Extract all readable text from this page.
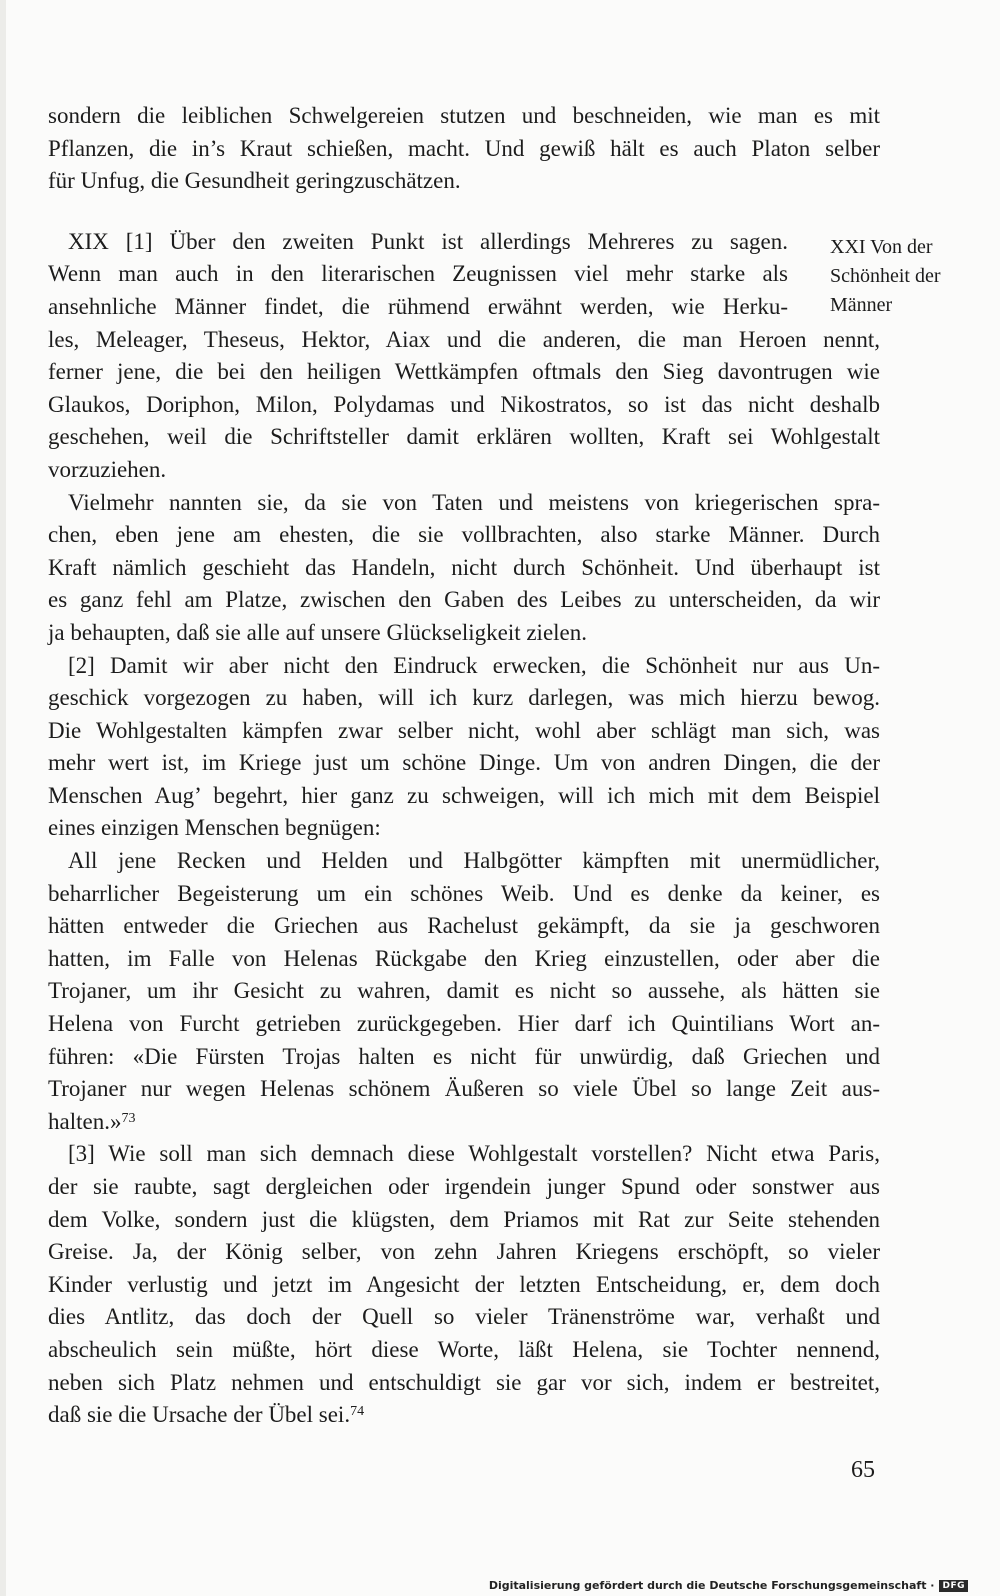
sondern die leiblichen Schwelgereien stutzen und beschneiden, wie man es mit
Pflanzen, die in’s Kraut schießen, macht. Und gewiß hält es auch Platon selber
für Unfug, die Gesundheit geringzuschätzen.
XIX [1] Über den zweiten Punkt ist allerdings Mehreres zu sagen.
Wenn man auch in den literarischen Zeugnissen viel mehr starke als
ansehnliche Männer findet, die rühmend erwähnt werden, wie Herku-
les, Meleager, Theseus, Hektor, Aiax und die anderen, die man Heroen nennt,
ferner jene, die bei den heiligen Wettkämpfen oftmals den Sieg davontrugen wie
Glaukos, Doriphon, Milon, Polydamas und Nikostratos, so ist das nicht deshalb
geschehen, weil die Schriftsteller damit erklären wollten, Kraft sei Wohlgestalt
vorzuziehen.
Vielmehr nannten sie, da sie von Taten und meistens von kriegerischen spra-
chen, eben jene am ehesten, die sie vollbrachten, also starke Männer. Durch
Kraft nämlich geschieht das Handeln, nicht durch Schönheit. Und überhaupt ist
es ganz fehl am Platze, zwischen den Gaben des Leibes zu unterscheiden, da wir
ja behaupten, daß sie alle auf unsere Glückseligkeit zielen.
[2] Damit wir aber nicht den Eindruck erwecken, die Schönheit nur aus Un-
geschick vorgezogen zu haben, will ich kurz darlegen, was mich hierzu bewog.
Die Wohlgestalten kämpfen zwar selber nicht, wohl aber schlägt man sich, was
mehr wert ist, im Kriege just um schöne Dinge. Um von andren Dingen, die der
Menschen Aug’ begehrt, hier ganz zu schweigen, will ich mich mit dem Beispiel
eines einzigen Menschen begnügen:
All jene Recken und Helden und Halbgötter kämpften mit unermüdlicher,
beharrlicher Begeisterung um ein schönes Weib. Und es denke da keiner, es
hätten entweder die Griechen aus Rachelust gekämpft, da sie ja geschworen
hatten, im Falle von Helenas Rückgabe den Krieg einzustellen, oder aber die
Trojaner, um ihr Gesicht zu wahren, damit es nicht so aussehe, als hätten sie
Helena von Furcht getrieben zurückgegeben. Hier darf ich Quintilians Wort an-
führen: «Die Fürsten Trojas halten es nicht für unwürdig, daß Griechen und
Trojaner nur wegen Helenas schönem Äußeren so viele Übel so lange Zeit aus-
halten.»$^{73}$
[3] Wie soll man sich demnach diese Wohlgestalt vorstellen? Nicht etwa Paris,
der sie raubte, sagt dergleichen oder irgendein junger Spund oder sonstwer aus
dem Volke, sondern just die klügsten, dem Priamos mit Rat zur Seite stehenden
Greise. Ja, der König selber, von zehn Jahren Kriegens erschöpft, so vieler
Kinder verlustig und jetzt im Angesicht der letzten Entscheidung, er, dem doch
dies Antlitz, das doch der Quell so vieler Tränenströme war, verhaßt und
abscheulich sein müßte, hört diese Worte, läßt Helena, sie Tochter nennend,
neben sich Platz nehmen und entschuldigt sie gar vor sich, indem er bestreitet,
daß sie die Ursache der Übel sei.$^{74}$
XXI Von der
Schönheit der
Männer
65
Digitalisierung gefördert durch die Deutsche Forschungsgemeinschaft · DFG
